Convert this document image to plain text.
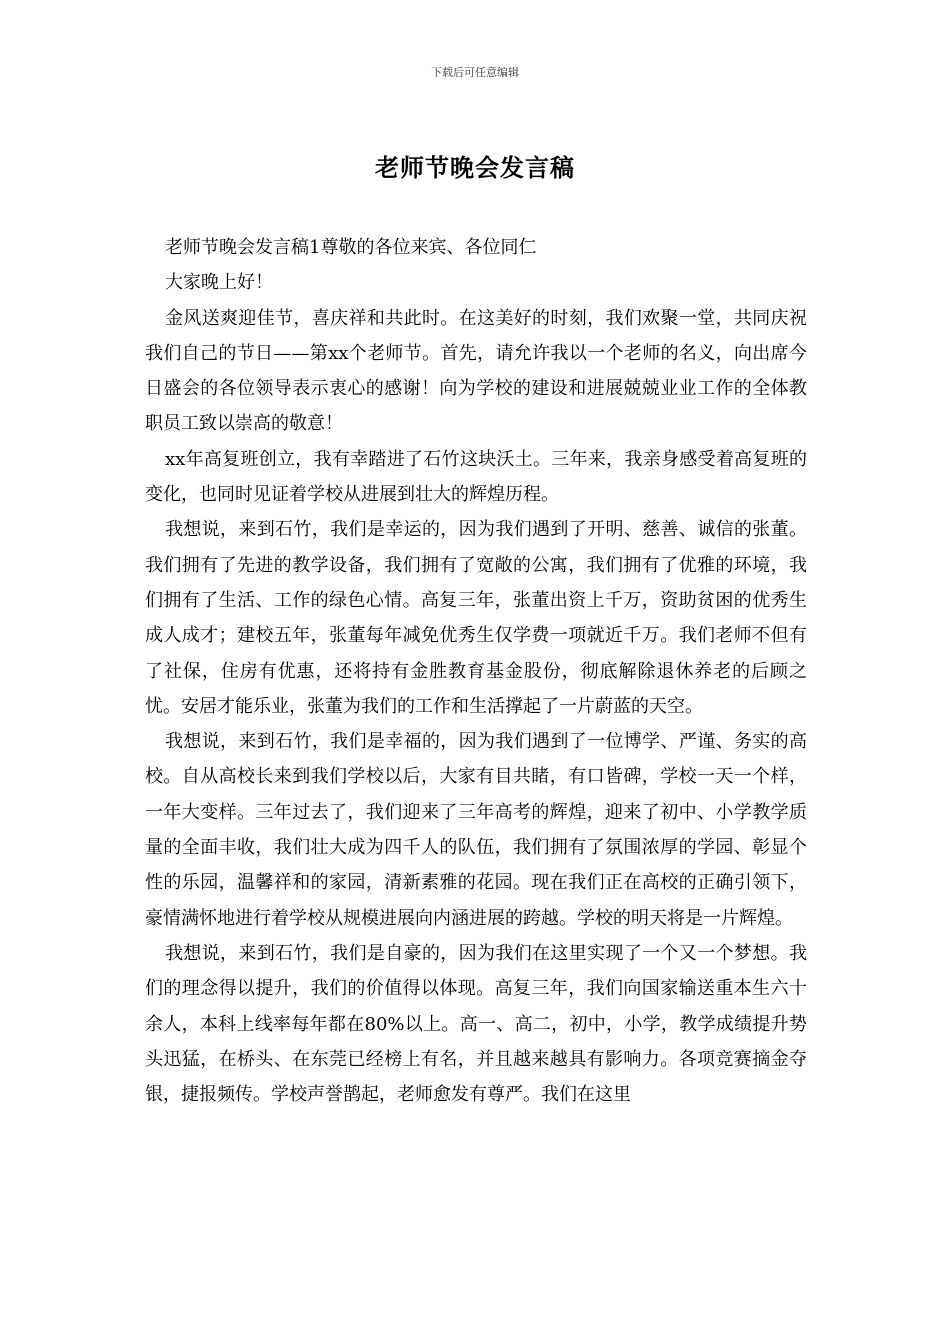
下载后可任意编辑
老师节晚会发言稿

老师节晚会发言稿1尊敬的各位来宾、各位同仁

大家晚上好！

金风送爽迎佳节，喜庆祥和共此时。在这美好的时刻，我们欢聚一堂，共同庆祝我们自己的节日——第xx个老师节。首先，请允许我以一个老师的名义，向出席今日盛会的各位领导表示衷心的感谢！向为学校的建设和进展兢兢业业工作的全体教职员工致以崇高的敬意！

xx年高复班创立，我有幸踏进了石竹这块沃土。三年来，我亲身感受着高复班的变化，也同时见证着学校从进展到壮大的辉煌历程。

我想说，来到石竹，我们是幸运的，因为我们遇到了开明、慈善、诚信的张董。我们拥有了先进的教学设备，我们拥有了宽敞的公寓，我们拥有了优雅的环境，我们拥有了生活、工作的绿色心情。高复三年，张董出资上千万，资助贫困的优秀生成人成才；建校五年，张董每年减免优秀生仅学费一项就近千万。我们老师不但有了社保，住房有优惠，还将持有金胜教育基金股份，彻底解除退休养老的后顾之忧。安居才能乐业，张董为我们的工作和生活撑起了一片蔚蓝的天空。

我想说，来到石竹，我们是幸福的，因为我们遇到了一位博学、严谨、务实的高校。自从高校长来到我们学校以后，大家有目共睹，有口皆碑，学校一天一个样，一年大变样。三年过去了，我们迎来了三年高考的辉煌，迎来了初中、小学教学质量的全面丰收，我们壮大成为四千人的队伍，我们拥有了氛围浓厚的学园、彰显个性的乐园，温馨祥和的家园，清新素雅的花园。现在我们正在高校的正确引领下，豪情满怀地进行着学校从规模进展向内涵进展的跨越。学校的明天将是一片辉煌。

我想说，来到石竹，我们是自豪的，因为我们在这里实现了一个又一个梦想。我们的理念得以提升，我们的价值得以体现。高复三年，我们向国家输送重本生六十余人，本科上线率每年都在80%以上。高一、高二，初中，小学，教学成绩提升势头迅猛，在桥头、在东莞已经榜上有名，并且越来越具有影响力。各项竞赛摘金夺银，捷报频传。学校声誉鹊起，老师愈发有尊严。我们在这里
